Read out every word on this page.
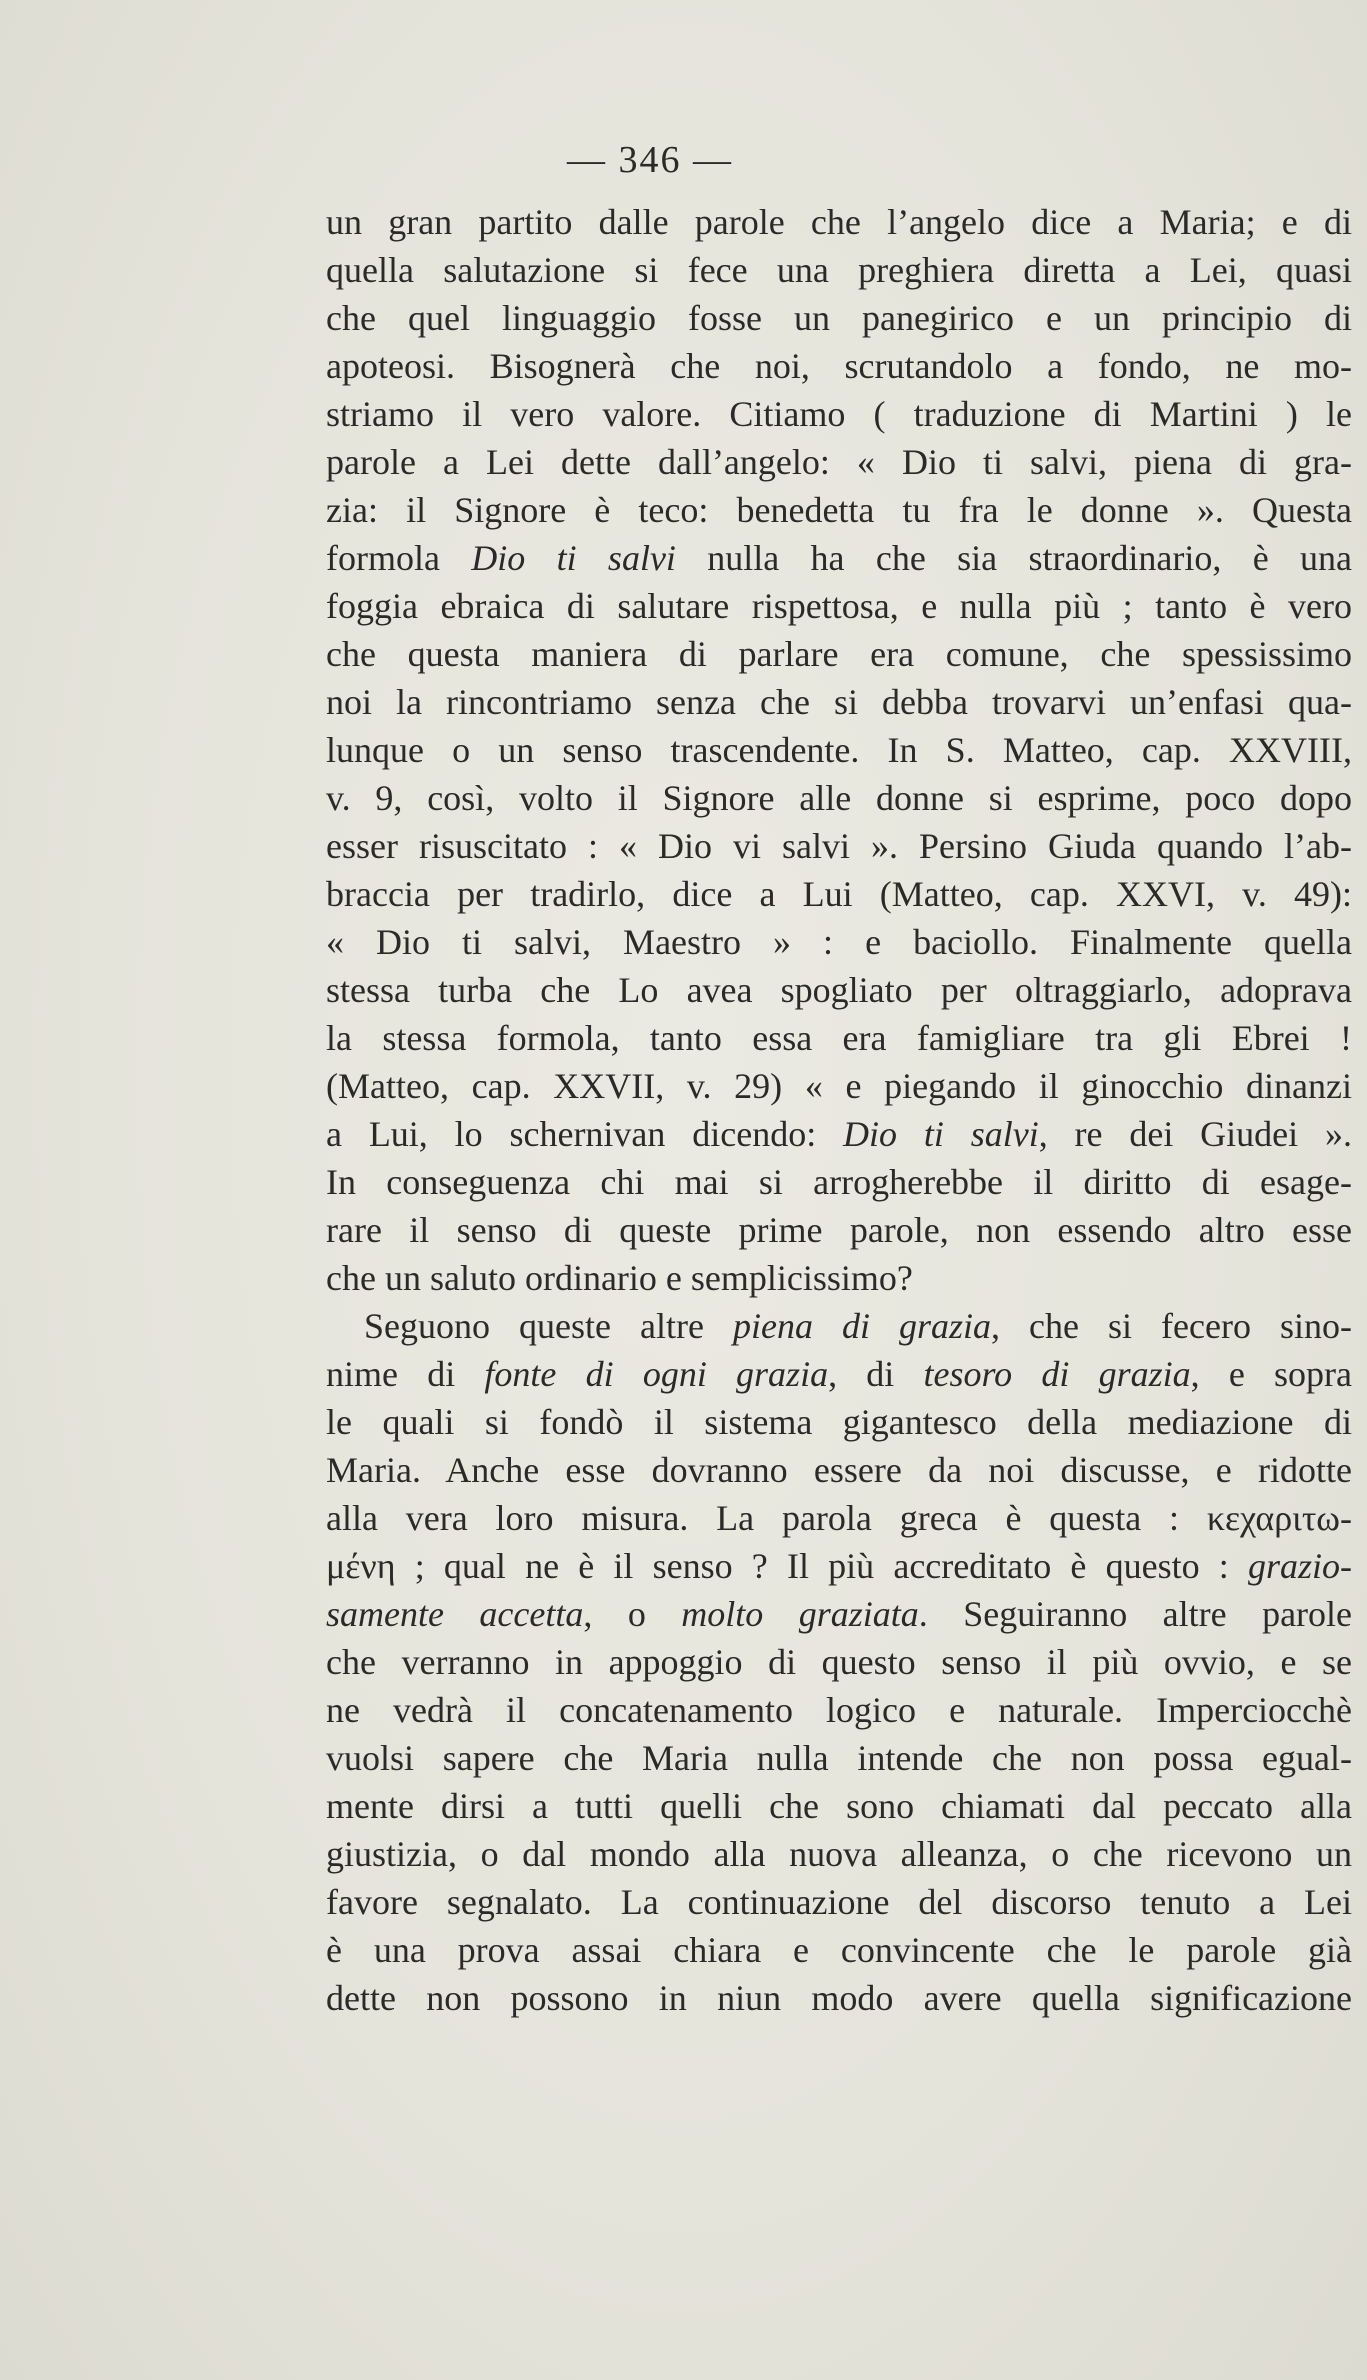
— 346 —
un gran partito dalle parole che l’angelo dice a Maria; e di
quella salutazione si fece una preghiera diretta a Lei, quasi
che quel linguaggio fosse un panegirico e un principio di
apoteosi. Bisognerà che noi, scrutandolo a fondo, ne mo-
striamo il vero valore. Citiamo ( traduzione di Martini ) le
parole a Lei dette dall’angelo: « Dio ti salvi, piena di gra-
zia: il Signore è teco: benedetta tu fra le donne ». Questa
formola Dio ti salvi nulla ha che sia straordinario, è una
foggia ebraica di salutare rispettosa, e nulla più ; tanto è vero
che questa maniera di parlare era comune, che spessissimo
noi la rincontriamo senza che si debba trovarvi un’enfasi qua-
lunque o un senso trascendente. In S. Matteo, cap. XXVIII,
v. 9, così, volto il Signore alle donne si esprime, poco dopo
esser risuscitato : « Dio vi salvi ». Persino Giuda quando l’ab-
braccia per tradirlo, dice a Lui (Matteo, cap. XXVI, v. 49):
« Dio ti salvi, Maestro » : e baciollo. Finalmente quella
stessa turba che Lo avea spogliato per oltraggiarlo, adoprava
la stessa formola, tanto essa era famigliare tra gli Ebrei !
(Matteo, cap. XXVII, v. 29) « e piegando il ginocchio dinanzi
a Lui, lo schernivan dicendo: Dio ti salvi, re dei Giudei ».
In conseguenza chi mai si arrogherebbe il diritto di esage-
rare il senso di queste prime parole, non essendo altro esse
che un saluto ordinario e semplicissimo?
Seguono queste altre piena di grazia, che si fecero sino-
nime di fonte di ogni grazia, di tesoro di grazia, e sopra
le quali si fondò il sistema gigantesco della mediazione di
Maria. Anche esse dovranno essere da noi discusse, e ridotte
alla vera loro misura. La parola greca è questa : κεχαριτω-
μένη ; qual ne è il senso ? Il più accreditato è questo : grazio-
samente accetta, o molto graziata. Seguiranno altre parole
che verranno in appoggio di questo senso il più ovvio, e se
ne vedrà il concatenamento logico e naturale. Imperciocchè
vuolsi sapere che Maria nulla intende che non possa egual-
mente dirsi a tutti quelli che sono chiamati dal peccato alla
giustizia, o dal mondo alla nuova alleanza, o che ricevono un
favore segnalato. La continuazione del discorso tenuto a Lei
è una prova assai chiara e convincente che le parole già
dette non possono in niun modo avere quella significazione
